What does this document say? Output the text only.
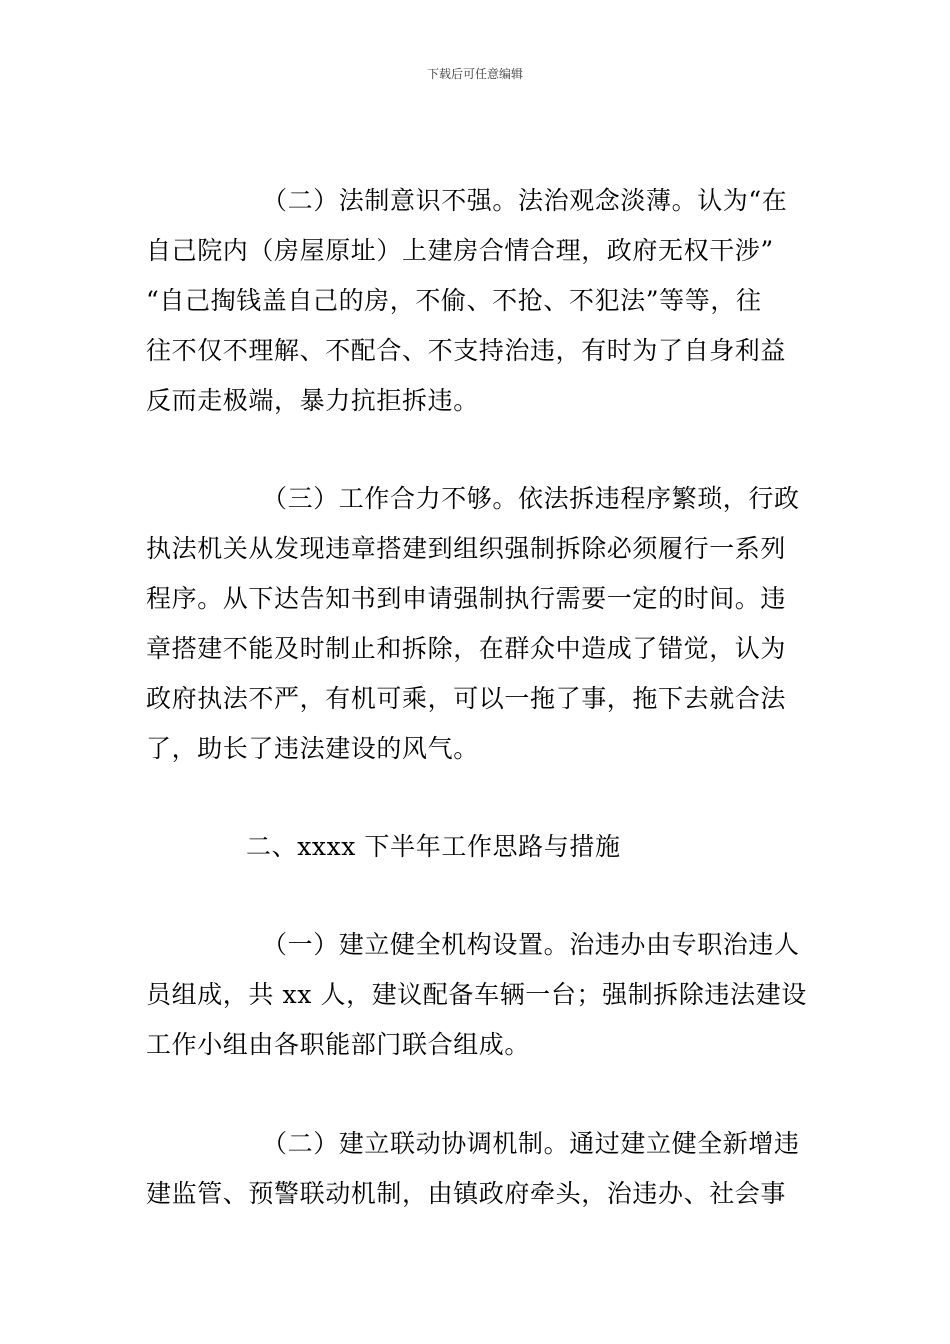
下载后可任意编辑
（二）法制意识不强。法治观念淡薄。认为“在
自己院内（房屋原址）上建房合情合理，政府无权干涉”
“自己掏钱盖自己的房，不偷、不抢、不犯法”等等，往
往不仅不理解、不配合、不支持治违，有时为了自身利益
反而走极端，暴力抗拒拆违。
（三）工作合力不够。依法拆违程序繁琐，行政
执法机关从发现违章搭建到组织强制拆除必须履行一系列
程序。从下达告知书到申请强制执行需要一定的时间。违
章搭建不能及时制止和拆除，在群众中造成了错觉，认为
政府执法不严，有机可乘，可以一拖了事，拖下去就合法
了，助长了违法建设的风气。
二、xxxx 下半年工作思路与措施
（一）建立健全机构设置。治违办由专职治违人
员组成，共 xx 人，建议配备车辆一台；强制拆除违法建设
工作小组由各职能部门联合组成。
（二）建立联动协调机制。通过建立健全新增违
建监管、预警联动机制，由镇政府牵头，治违办、社会事
